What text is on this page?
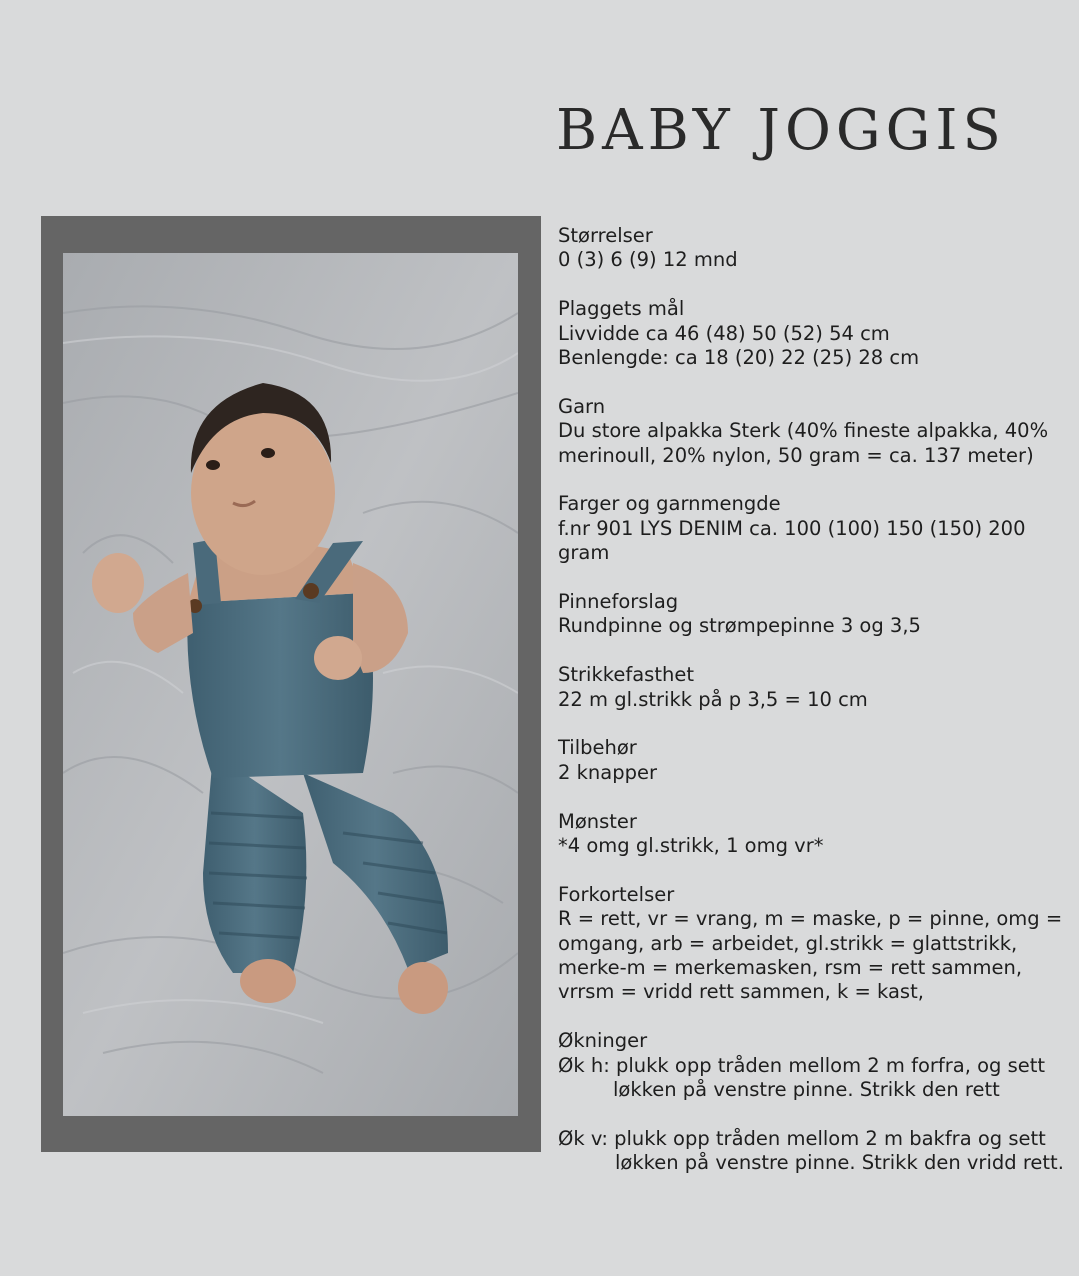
BABY JOGGIS

Størrelser

0 (3) 6 (9) 12 mnd

Plaggets mål

Livvidde ca 46 (48) 50 (52) 54 cm

Benlengde: ca 18 (20) 22 (25) 28 cm

Garn

Du store alpakka Sterk (40% fineste alpakka, 40% merinoull, 20% nylon, 50 gram = ca. 137 meter)

Farger og garnmengde

f.nr 901 LYS DENIM ca. 100 (100) 150 (150) 200 gram

Pinneforslag

Rundpinne og strømpepinne 3 og 3,5

Strikkefasthet

22 m gl.strikk på p 3,5 = 10 cm

Tilbehør

2 knapper

Mønster

*4 omg gl.strikk, 1 omg vr*

Forkortelser

R = rett, vr = vrang, m = maske, p = pinne, omg = omgang, arb = arbeidet, gl.strikk = glattstrikk, merke-m = merkemasken, rsm = rett sammen, vrrsm = vridd rett sammen, k = kast,

Økninger

Øk h: plukk opp tråden mellom 2 m forfra, og sett løkken på venstre pinne. Strikk den rett

Øk v: plukk opp tråden mellom 2 m bakfra og sett løkken på venstre pinne. Strikk den vridd rett.
